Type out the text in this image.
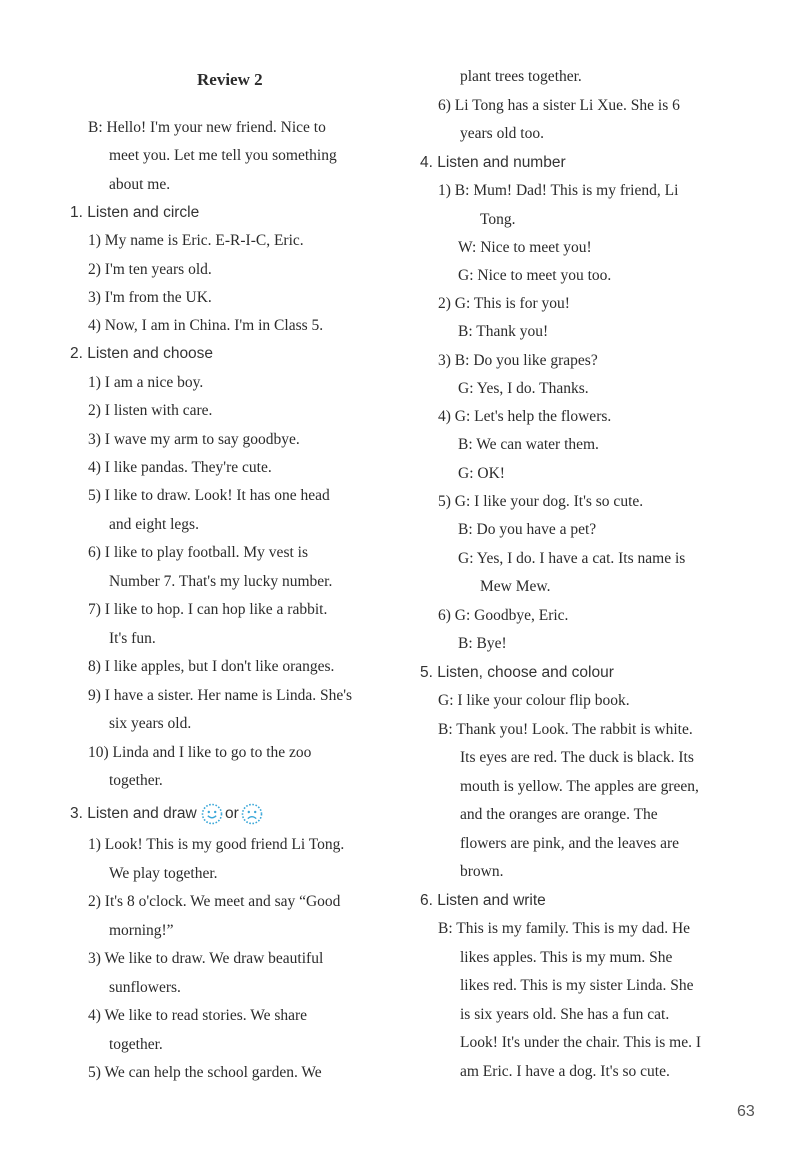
Review 2
B: Hello! I'm your new friend. Nice to
meet you. Let me tell you something
about me.
1. Listen and circle
1) My name is Eric. E-R-I-C, Eric.
2) I'm ten years old.
3) I'm from the UK.
4) Now, I am in China. I'm in Class 5.
2. Listen and choose
1) I am a nice boy.
2) I listen with care.
3) I wave my arm to say goodbye.
4) I like pandas. They're cute.
5) I like to draw. Look! It has one head
and eight legs.
6) I like to play football. My vest is
Number 7. That's my lucky number.
7) I like to hop. I can hop like a rabbit.
It's fun.
8) I like apples, but I don't like oranges.
9) I have a sister. Her name is Linda. She's
six years old.
10) Linda and I like to go to the zoo
together.
3. Listen and draw or
1) Look! This is my good friend Li Tong.
We play together.
2) It's 8 o'clock. We meet and say “Good
morning!”
3) We like to draw. We draw beautiful
sunflowers.
4) We like to read stories. We share
together.
5) We can help the school garden. We
plant trees together.
6) Li Tong has a sister Li Xue. She is 6
years old too.
4. Listen and number
1) B: Mum! Dad! This is my friend, Li
Tong.
W: Nice to meet you!
G: Nice to meet you too.
2) G: This is for you!
B: Thank you!
3) B: Do you like grapes?
G: Yes, I do. Thanks.
4) G: Let's help the flowers.
B: We can water them.
G: OK!
5) G: I like your dog. It's so cute.
B: Do you have a pet?
G: Yes, I do. I have a cat. Its name is
Mew Mew.
6) G: Goodbye, Eric.
B: Bye!
5. Listen, choose and colour
G: I like your colour flip book.
B: Thank you! Look. The rabbit is white.
Its eyes are red. The duck is black. Its
mouth is yellow. The apples are green,
and the oranges are orange. The
flowers are pink, and the leaves are
brown.
6. Listen and write
B: This is my family. This is my dad. He
likes apples. This is my mum. She
likes red. This is my sister Linda. She
is six years old. She has a fun cat.
Look! It's under the chair. This is me. I
am Eric. I have a dog. It's so cute.
63
